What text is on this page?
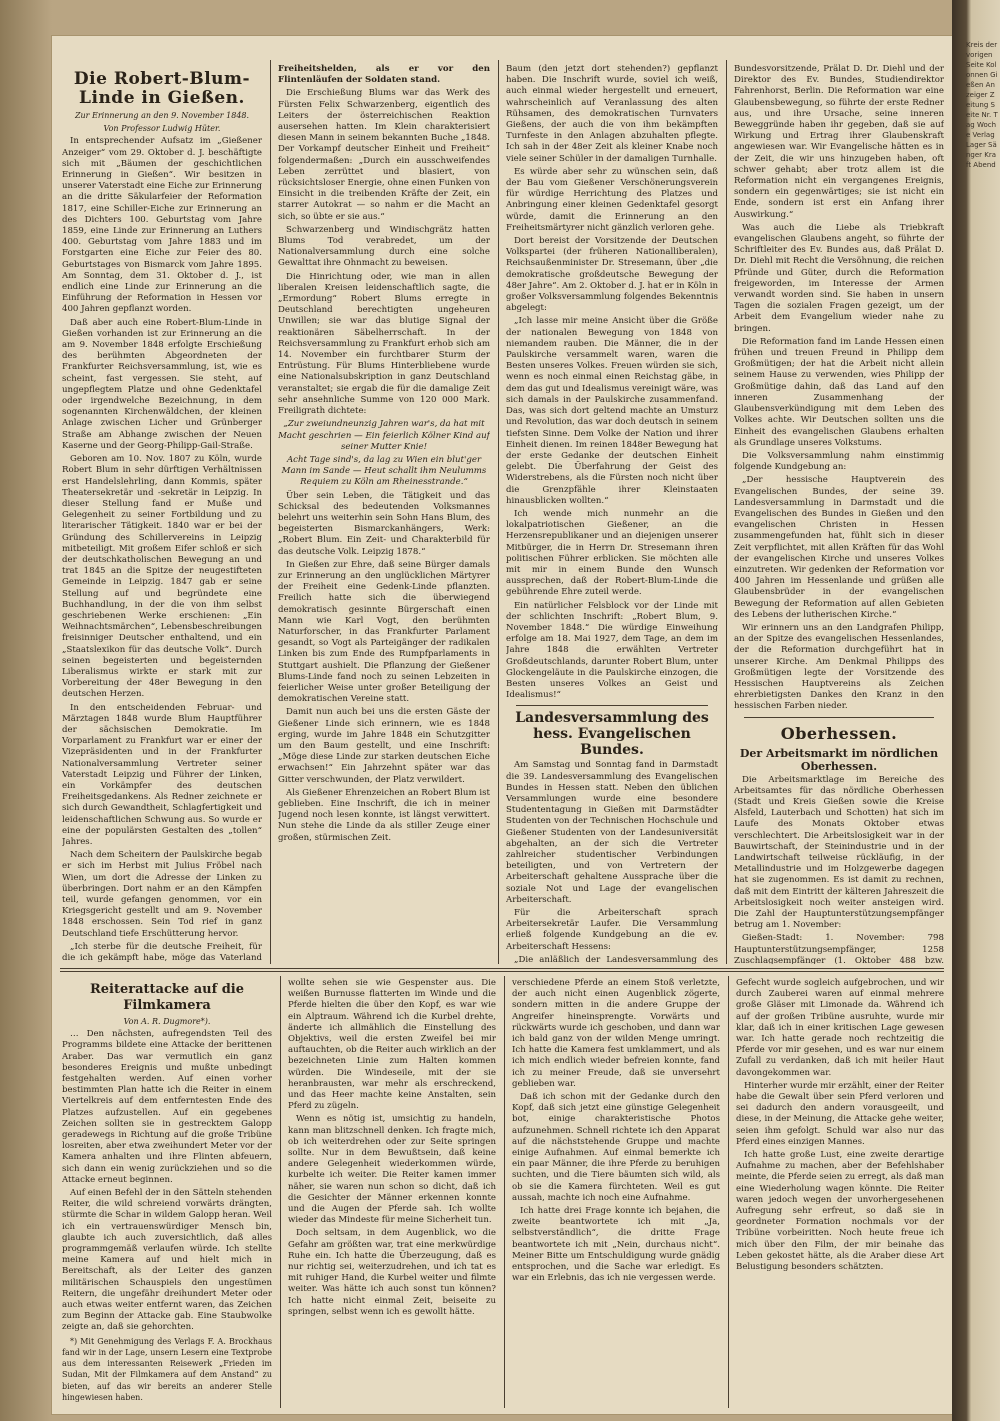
Die Robert-Blum-Linde in Gießen.
Zur Erinnerung an den 9. November 1848.
Von Professor Ludwig Hüter.

In entsprechender Aufsatz im „Gießener Anzeiger“ vom 29. Oktober d. J. beschäftigte sich mit „Bäumen der geschichtlichen Erinnerung in Gießen“. Wir besitzen in unserer Vaterstadt eine Eiche zur Erinnerung an die dritte Säkularfeier der Reformation 1817, eine Schiller-Eiche zur Erinnerung an des Dichters 100. Geburtstag vom Jahre 1859, eine Linde zur Erinnerung an Luthers 400. Geburtstag vom Jahre 1883 und im Forstgarten eine Eiche zur Feier des 80. Geburtstages von Bismarck vom Jahre 1895. Am Sonntag, dem 31. Oktober d. J., ist endlich eine Linde zur Erinnerung an die Einführung der Reformation in Hessen vor 400 Jahren gepflanzt worden.

Daß aber auch eine Robert-Blum-Linde in Gießen vorhanden ist zur Erinnerung an die am 9. November 1848 erfolgte Erschießung des berühmten Abgeordneten der Frankfurter Reichsversammlung, ist, wie es scheint, fast vergessen. Sie steht, auf ungepflegtem Platze und ohne Gedenktafel oder irgendwelche Bezeichnung, in dem sogenannten Kirchenwäldchen, der kleinen Anlage zwischen Licher und Grünberger Straße am Abhange zwischen der Neuen Kaserne und der Georg-Philipp-Gail-Straße.

Geboren am 10. Nov. 1807 zu Köln, wurde Robert Blum in sehr dürftigen Verhältnissen erst Handelslehrling, dann Kommis, später Theatersekretär und -sekretär in Leipzig. In dieser Stellung fand er Muße und Gelegenheit zu seiner Fortbildung und zu literarischer Tätigkeit. 1840 war er bei der Gründung des Schillervereins in Leipzig mitbeteiligt. Mit großem Eifer schloß er sich der deutschkatholischen Bewegung an und trat 1845 an die Spitze der neugestifteten Gemeinde in Leipzig. 1847 gab er seine Stellung auf und begründete eine Buchhandlung, in der die von ihm selbst geschriebenen Werke erschienen: „Ein Weihnachtsmärchen“, Lebensbeschreibungen freisinniger Deutscher enthaltend, und ein „Staatslexikon für das deutsche Volk“. Durch seinen begeisterten und begeisternden Liberalismus wirkte er stark mit zur Vorbereitung der 48er Bewegung in den deutschen Herzen.

In den entscheidenden Februar- und Märztagen 1848 wurde Blum Hauptführer der sächsischen Demokratie. Im Vorparlament zu Frankfurt war er einer der Vizepräsidenten und in der Frankfurter Nationalversammlung Vertreter seiner Vaterstadt Leipzig und Führer der Linken, ein Vorkämpfer des deutschen Freiheitsgedankens. Als Redner zeichnete er sich durch Gewandtheit, Schlagfertigkeit und leidenschaftlichen Schwung aus. So wurde er eine der populärsten Gestalten des „tollen“ Jahres.

Nach dem Scheitern der Paulskirche begab er sich im Herbst mit Julius Fröbel nach Wien, um dort die Adresse der Linken zu überbringen. Dort nahm er an den Kämpfen teil, wurde gefangen genommen, vor ein Kriegsgericht gestellt und am 9. November 1848 erschossen. Sein Tod rief in ganz Deutschland tiefe Erschütterung hervor.

„Ich sterbe für die deutsche Freiheit, für die ich gekämpft habe, möge das Vaterland

Freiheitshelden, als er vor den Flintenläufen der Soldaten stand.

Die Erschießung Blums war das Werk des Fürsten Felix Schwarzenberg, eigentlich des Leiters der österreichischen Reaktion ausersehen hatten. Im Klein charakterisiert diesen Mann in seinem bekannten Buche „1848. Der Vorkampf deutscher Einheit und Freiheit“ folgendermaßen: „Durch ein ausschweifendes Leben zerrüttet und blasiert, von rücksichtsloser Energie, ohne einen Funken von Einsicht in die treibenden Kräfte der Zeit, ein starrer Autokrat — so nahm er die Macht an sich, so übte er sie aus.“

Schwarzenberg und Windischgrätz hatten Blums Tod verabredet, um der Nationalversammlung durch eine solche Gewalttat ihre Ohnmacht zu beweisen.

Die Hinrichtung oder, wie man in allen liberalen Kreisen leidenschaftlich sagte, die „Ermordung“ Robert Blums erregte in Deutschland berechtigten ungeheuren Unwillen; sie war das blutige Signal der reaktionären Säbelherrschaft. In der Reichsversammlung zu Frankfurt erhob sich am 14. November ein furchtbarer Sturm der Entrüstung. Für Blums Hinterbliebene wurde eine Nationalsubskription in ganz Deutschland veranstaltet; sie ergab die für die damalige Zeit sehr ansehnliche Summe von 120 000 Mark. Freiligrath dichtete:

„Zur zweiundneunzig Jahren war's, da hat mit Macht geschrien — Ein feierlich Kölner Kind auf seiner Mutter Knie!

Acht Tage sind's, da lag zu Wien ein blut'ger Mann im Sande — Heut schallt ihm Neulumms Requiem zu Köln am Rheinesstrande.“

Über sein Leben, die Tätigkeit und das Schicksal des bedeutenden Volksmannes belehrt uns weiterhin sein Sohn Hans Blum, des begeisterten Bismarckanhängers, Werk: „Robert Blum. Ein Zeit- und Charakterbild für das deutsche Volk. Leipzig 1878.“

In Gießen zur Ehre, daß seine Bürger damals zur Erinnerung an den unglücklichen Märtyrer der Freiheit eine Gedenk-Linde pflanzten. Freilich hatte sich die überwiegend demokratisch gesinnte Bürgerschaft einen Mann wie Karl Vogt, den berühmten Naturforscher, in das Frankfurter Parlament gesandt, so Vogt als Parteigänger der radikalen Linken bis zum Ende des Rumpfparlaments in Stuttgart aushielt. Die Pflanzung der Gießener Blums-Linde fand noch zu seinen Lebzeiten in feierlicher Weise unter großer Beteiligung der demokratischen Vereine statt.

Damit nun auch bei uns die ersten Gäste der Gießener Linde sich erinnern, wie es 1848 erging, wurde im Jahre 1848 ein Schutzgitter um den Baum gestellt, und eine Inschrift: „Möge diese Linde zur starken deutschen Eiche erwachsen!“ Ein Jahrzehnt später war das Gitter verschwunden, der Platz verwildert.

Als Gießener Ehrenzeichen an Robert Blum ist geblieben. Eine Inschrift, die ich in meiner Jugend noch lesen konnte, ist längst verwittert. Nun stehe die Linde da als stiller Zeuge einer großen, stürmischen Zeit.

Baum (den jetzt dort stehenden?) gepflanzt haben. Die Inschrift wurde, soviel ich weiß, auch einmal wieder hergestellt und erneuert, wahrscheinlich auf Veranlassung des alten Rühsamen, des demokratischen Turnvaters Gießens, der auch die von ihm bekämpften Turnfeste in den Anlagen abzuhalten pflegte. Ich sah in der 48er Zeit als kleiner Knabe noch viele seiner Schüler in der damaligen Turnhalle.

Es würde aber sehr zu wünschen sein, daß der Bau vom Gießener Verschönerungsverein für würdige Herrichtung des Platzes und Anbringung einer kleinen Gedenktafel gesorgt würde, damit die Erinnerung an den Freiheitsmärtyrer nicht gänzlich verloren gehe.

Dort bereist der Vorsitzende der Deutschen Volkspartei (der früheren Nationalliberalen), Reichsaußenminister Dr. Stresemann, über „die demokratische großdeutsche Bewegung der 48er Jahre“. Am 2. Oktober d. J. hat er in Köln in großer Volksversammlung folgendes Bekenntnis abgelegt:

„Ich lasse mir meine Ansicht über die Größe der nationalen Bewegung von 1848 von niemandem rauben. Die Männer, die in der Paulskirche versammelt waren, waren die Besten unseres Volkes. Freuen würden sie sich, wenn es noch einmal einen Reichstag gäbe, in dem das gut und Idealismus vereinigt wäre, was sich damals in der Paulskirche zusammenfand. Das, was sich dort geltend machte an Umsturz und Revolution, das war doch deutsch in seinem tiefsten Sinne. Dem Volke der Nation und ihrer Einheit dienen. Im reinen 1848er Bewegung hat der erste Gedanke der deutschen Einheit gelebt. Die Überfahrung der Geist des Widerstrebens, als die Fürsten noch nicht über die Grenzpfähle ihrer Kleinstaaten hinausblicken wollten.“

Ich wende mich nunmehr an die lokalpatriotischen Gießener, an die Herzensrepublikaner und an diejenigen unserer Mitbürger, die in Herrn Dr. Stresemann ihren politischen Führer erblicken. Sie möchten alle mit mir in einem Bunde den Wunsch aussprechen, daß der Robert-Blum-Linde die gebührende Ehre zuteil werde.

Ein natürlicher Felsblock vor der Linde mit der schlichten Inschrift: „Robert Blum, 9. November 1848.“ Die würdige Einweihung erfolge am 18. Mai 1927, dem Tage, an dem im Jahre 1848 die erwählten Vertreter Großdeutschlands, darunter Robert Blum, unter Glockengeläute in die Paulskirche einzogen, die Besten unseres Volkes an Geist und Idealismus!“

Landesversammlung des hess. Evangelischen Bundes.

Am Samstag und Sonntag fand in Darmstadt die 39. Landesversammlung des Evangelischen Bundes in Hessen statt. Neben den üblichen Versammlungen wurde eine besondere Studententagung in Gießen mit Darmstädter Studenten von der Technischen Hochschule und Gießener Studenten von der Landesuniversität abgehalten, an der sich die Vertreter zahlreicher studentischer Verbindungen beteiligten, und von Vertretern der Arbeiterschaft gehaltene Aussprache über die soziale Not und Lage der evangelischen Arbeiterschaft.

Für die Arbeiterschaft sprach Arbeitersekretär Laufer. Die Versammlung erließ folgende Kundgebung an die ev. Arbeiterschaft Hessens:

„Die anläßlich der Landesversammlung des

Bundesvorsitzende, Prälat D. Dr. Diehl und der Direktor des Ev. Bundes, Studiendirektor Fahrenhorst, Berlin. Die Reformation war eine Glaubensbewegung, so führte der erste Redner aus, und ihre Ursache, seine inneren Beweggründe haben ihr gegeben, daß sie auf Wirkung und Ertrag ihrer Glaubenskraft angewiesen war. Wir Evangelische hätten es in der Zeit, die wir uns hinzugeben haben, oft schwer gehabt; aber trotz allem ist die Reformation nicht ein vergangenes Ereignis, sondern ein gegenwärtiges; sie ist nicht ein Ende, sondern ist erst ein Anfang ihrer Auswirkung.“

Was auch die Liebe als Triebkraft evangelischen Glaubens angeht, so führte der Schriftleiter des Ev. Bundes aus, daß Prälat D. Dr. Diehl mit Recht die Versöhnung, die reichen Pfründe und Güter, durch die Reformation freigeworden, im Interesse der Armen verwandt worden sind. Sie haben in unsern Tagen die sozialen Fragen gezeigt, um der Arbeit dem Evangelium wieder nahe zu bringen.

Die Reformation fand im Lande Hessen einen frühen und treuen Freund in Philipp dem Großmütigen; der hat die Arbeit nicht allein seinem Hause zu verwenden, wies Philipp der Großmütige dahin, daß das Land auf den inneren Zusammenhang der Glaubensverkündigung mit dem Leben des Volkes achte. Wir Deutschen sollten uns die Einheit des evangelischen Glaubens erhalten als Grundlage unseres Volkstums.

Die Volksversammlung nahm einstimmig folgende Kundgebung an:

„Der hessische Hauptverein des Evangelischen Bundes, der seine 39. Landesversammlung in Darmstadt und die Evangelischen des Bundes in Gießen und den evangelischen Christen in Hessen zusammengefunden hat, fühlt sich in dieser Zeit verpflichtet, mit allen Kräften für das Wohl der evangelischen Kirche und unseres Volkes einzutreten. Wir gedenken der Reformation vor 400 Jahren im Hessenlande und grüßen alle Glaubensbrüder in der evangelischen Bewegung der Reformation auf allen Gebieten des Lebens der lutherischen Kirche.“

Wir erinnern uns an den Landgrafen Philipp, an der Spitze des evangelischen Hessenlandes, der die Reformation durchgeführt hat in unserer Kirche. Am Denkmal Philipps des Großmütigen legte der Vorsitzende des Hessischen Hauptvereins als Zeichen ehrerbietigsten Dankes den Kranz in den hessischen Farben nieder.

Oberhessen.
Der Arbeitsmarkt im nördlichen Oberhessen.

Die Arbeitsmarktlage im Bereiche des Arbeitsamtes für das nördliche Oberhessen (Stadt und Kreis Gießen sowie die Kreise Alsfeld, Lauterbach und Schotten) hat sich im Laufe des Monats Oktober etwas verschlechtert. Die Arbeitslosigkeit war in der Bauwirtschaft, der Steinindustrie und in der Landwirtschaft teilweise rückläufig, in der Metallindustrie und im Holzgewerbe dagegen hat sie zugenommen. Es ist damit zu rechnen, daß mit dem Eintritt der kälteren Jahreszeit die Arbeitslosigkeit noch weiter ansteigen wird. Die Zahl der Hauptunterstützungsempfänger betrug am 1. November:

Gießen-Stadt: 1. November: 798 Hauptunterstützungsempfänger, 1258 Zuschlagsempfänger (1. Oktober 488 bzw.

Reiterattacke auf die Filmkamera
Von A. R. Dugmore*).

… Den nächsten, aufregendsten Teil des Programms bildete eine Attacke der berittenen Araber. Das war vermutlich ein ganz besonderes Ereignis und mußte unbedingt festgehalten werden. Auf einen vorher bestimmten Plan hatte ich die Reiter in einem Viertelkreis auf dem entferntesten Ende des Platzes aufzustellen. Auf ein gegebenes Zeichen sollten sie in gestrecktem Galopp geradewegs in Richtung auf die große Tribüne losreiten, aber etwa zweihundert Meter vor der Kamera anhalten und ihre Flinten abfeuern, sich dann ein wenig zurückziehen und so die Attacke erneut beginnen.

Auf einen Befehl der in den Sätteln stehenden Reiter, die wild schreiend vorwärts drängten, stürmte die Schar in wildem Galopp heran. Weil ich ein vertrauenswürdiger Mensch bin, glaubte ich auch zuversichtlich, daß alles programmgemäß verlaufen würde. Ich stellte meine Kamera auf und hielt mich in Bereitschaft, als der Leiter des ganzen militärischen Schauspiels den ungestümen Reitern, die ungefähr dreihundert Meter oder auch etwas weiter entfernt waren, das Zeichen zum Beginn der Attacke gab. Eine Staubwolke zeigte an, daß sie gehorchten.

*) Mit Genehmigung des Verlags F. A. Brockhaus fand wir in der Lage, unsern Lesern eine Textprobe aus dem interessanten Reisewerk „Frieden im Sudan, Mit der Filmkamera auf dem Anstand“ zu bieten, auf das wir bereits an anderer Stelle hingewiesen haben.

wollte sehen sie wie Gespenster aus. Die weißen Burnusse flatterten im Winde und die Pferde hielten die über den Kopf, es war wie ein Alptraum. Während ich die Kurbel drehte, änderte ich allmählich die Einstellung des Objektivs, weil die ersten Zweifel bei mir auftauchten, ob die Reiter auch wirklich an der bezeichneten Linie zum Halten kommen würden. Die Windeseile, mit der sie heranbrausten, war mehr als erschreckend, und das Heer machte keine Anstalten, sein Pferd zu zügeln.

Wenn es nötig ist, umsichtig zu handeln, kann man blitzschnell denken. Ich fragte mich, ob ich weiterdrehen oder zur Seite springen sollte. Nur in dem Bewußtsein, daß keine andere Gelegenheit wiederkommen würde, kurbelte ich weiter. Die Reiter kamen immer näher, sie waren nun schon so dicht, daß ich die Gesichter der Männer erkennen konnte und die Augen der Pferde sah. Ich wollte wieder das Mindeste für meine Sicherheit tun.

Doch seltsam, in dem Augenblick, wo die Gefahr am größten war, trat eine merkwürdige Ruhe ein. Ich hatte die Überzeugung, daß es nur richtig sei, weiterzudrehen, und ich tat es mit ruhiger Hand, die Kurbel weiter und filmte weiter. Was hätte ich auch sonst tun können? Ich hatte nicht einmal Zeit, beiseite zu springen, selbst wenn ich es gewollt hätte.

verschiedene Pferde an einem Stoß verletzte, der auch nicht einen Augenblick zögerte, sondern mitten in die andere Gruppe der Angreifer hineinsprengte. Vorwärts und rückwärts wurde ich geschoben, und dann war ich bald ganz von der wilden Menge umringt. Ich hatte die Kamera fest umklammert, und als ich mich endlich wieder befreien konnte, fand ich zu meiner Freude, daß sie unversehrt geblieben war.

Daß ich schon mit der Gedanke durch den Kopf, daß sich jetzt eine günstige Gelegenheit bot, einige charakteristische Photos aufzunehmen. Schnell richtete ich den Apparat auf die nächststehende Gruppe und machte einige Aufnahmen. Auf einmal bemerkte ich ein paar Männer, die ihre Pferde zu beruhigen suchten, und die Tiere bäumten sich wild, als ob sie die Kamera fürchteten. Weil es gut aussah, machte ich noch eine Aufnahme.

Ich hatte drei Frage konnte ich bejahen, die zweite beantwortete ich mit „Ja, selbstverständlich“, die dritte Frage beantwortete ich mit „Nein, durchaus nicht“. Meiner Bitte um Entschuldigung wurde gnädig entsprochen, und die Sache war erledigt. Es war ein Erlebnis, das ich nie vergessen werde.

Gefecht wurde sogleich aufgebrochen, und wir durch Zauberei waren auf einmal mehrere große Gläser mit Limonade da. Während ich auf der großen Tribüne ausruhte, wurde mir klar, daß ich in einer kritischen Lage gewesen war. Ich hatte gerade noch rechtzeitig die Pferde vor mir gesehen, und es war nur einem Zufall zu verdanken, daß ich mit heiler Haut davongekommen war.

Hinterher wurde mir erzählt, einer der Reiter habe die Gewalt über sein Pferd verloren und sei dadurch den andern vorausgeeilt, und diese, in der Meinung, die Attacke gehe weiter, seien ihm gefolgt. Schuld war also nur das Pferd eines einzigen Mannes.

Ich hatte große Lust, eine zweite derartige Aufnahme zu machen, aber der Befehlshaber meinte, die Pferde seien zu erregt, als daß man eine Wiederholung wagen könnte. Die Reiter waren jedoch wegen der unvorhergesehenen Aufregung sehr erfreut, so daß sie in geordneter Formation nochmals vor der Tribüne vorbeiritten. Noch heute freue ich mich über den Film, der mir beinahe das Leben gekostet hätte, als die Araber diese Art Belustigung besonders schätzten.

Kreis der vorigen Seite Kolonnen Gießen Anzeiger Zeitung Seite Nr. Tag Woche Verlag Lager Sänger Kraft Abend
